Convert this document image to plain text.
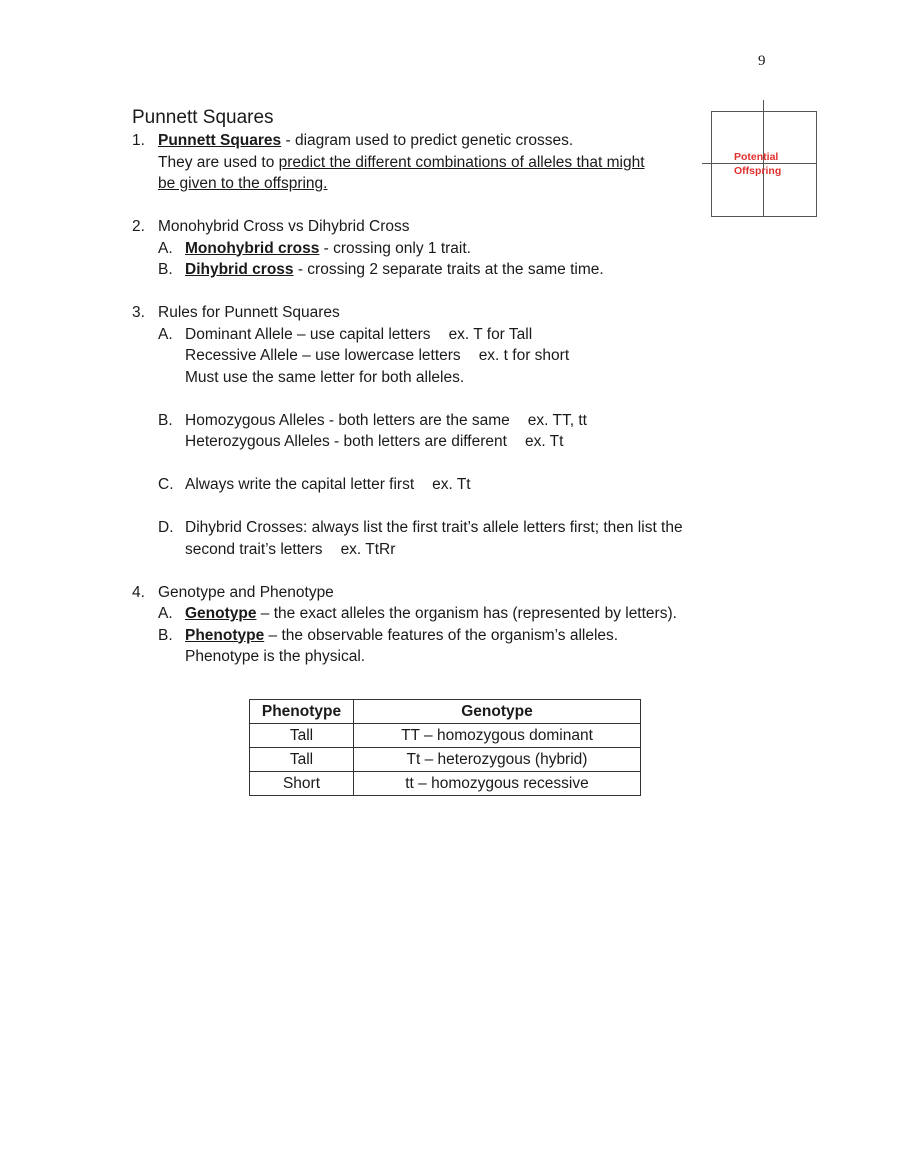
9
Punnett Squares
1. Punnett Squares - diagram used to predict genetic crosses.
They are used to predict the different combinations of alleles that might
be given to the offspring.
2. Monohybrid Cross vs Dihybrid Cross
A. Monohybrid cross - crossing only 1 trait.
B. Dihybrid cross - crossing 2 separate traits at the same time.
3. Rules for Punnett Squares
A. Dominant Allele – use capital letters ex. T for Tall
Recessive Allele – use lowercase letters ex. t for short
Must use the same letter for both alleles.
B. Homozygous Alleles - both letters are the same ex. TT, tt
Heterozygous Alleles - both letters are different ex. Tt
C. Always write the capital letter first ex. Tt
D. Dihybrid Crosses: always list the first trait’s allele letters first; then list the
second trait’s letters ex. TtRr
4. Genotype and Phenotype
A. Genotype – the exact alleles the organism has (represented by letters).
B. Phenotype – the observable features of the organism’s alleles.
Phenotype is the physical.
Potential
Offspring
Phenotype	Genotype
Tall	TT – homozygous dominant
Tall	Tt – heterozygous (hybrid)
Short	tt – homozygous recessive
